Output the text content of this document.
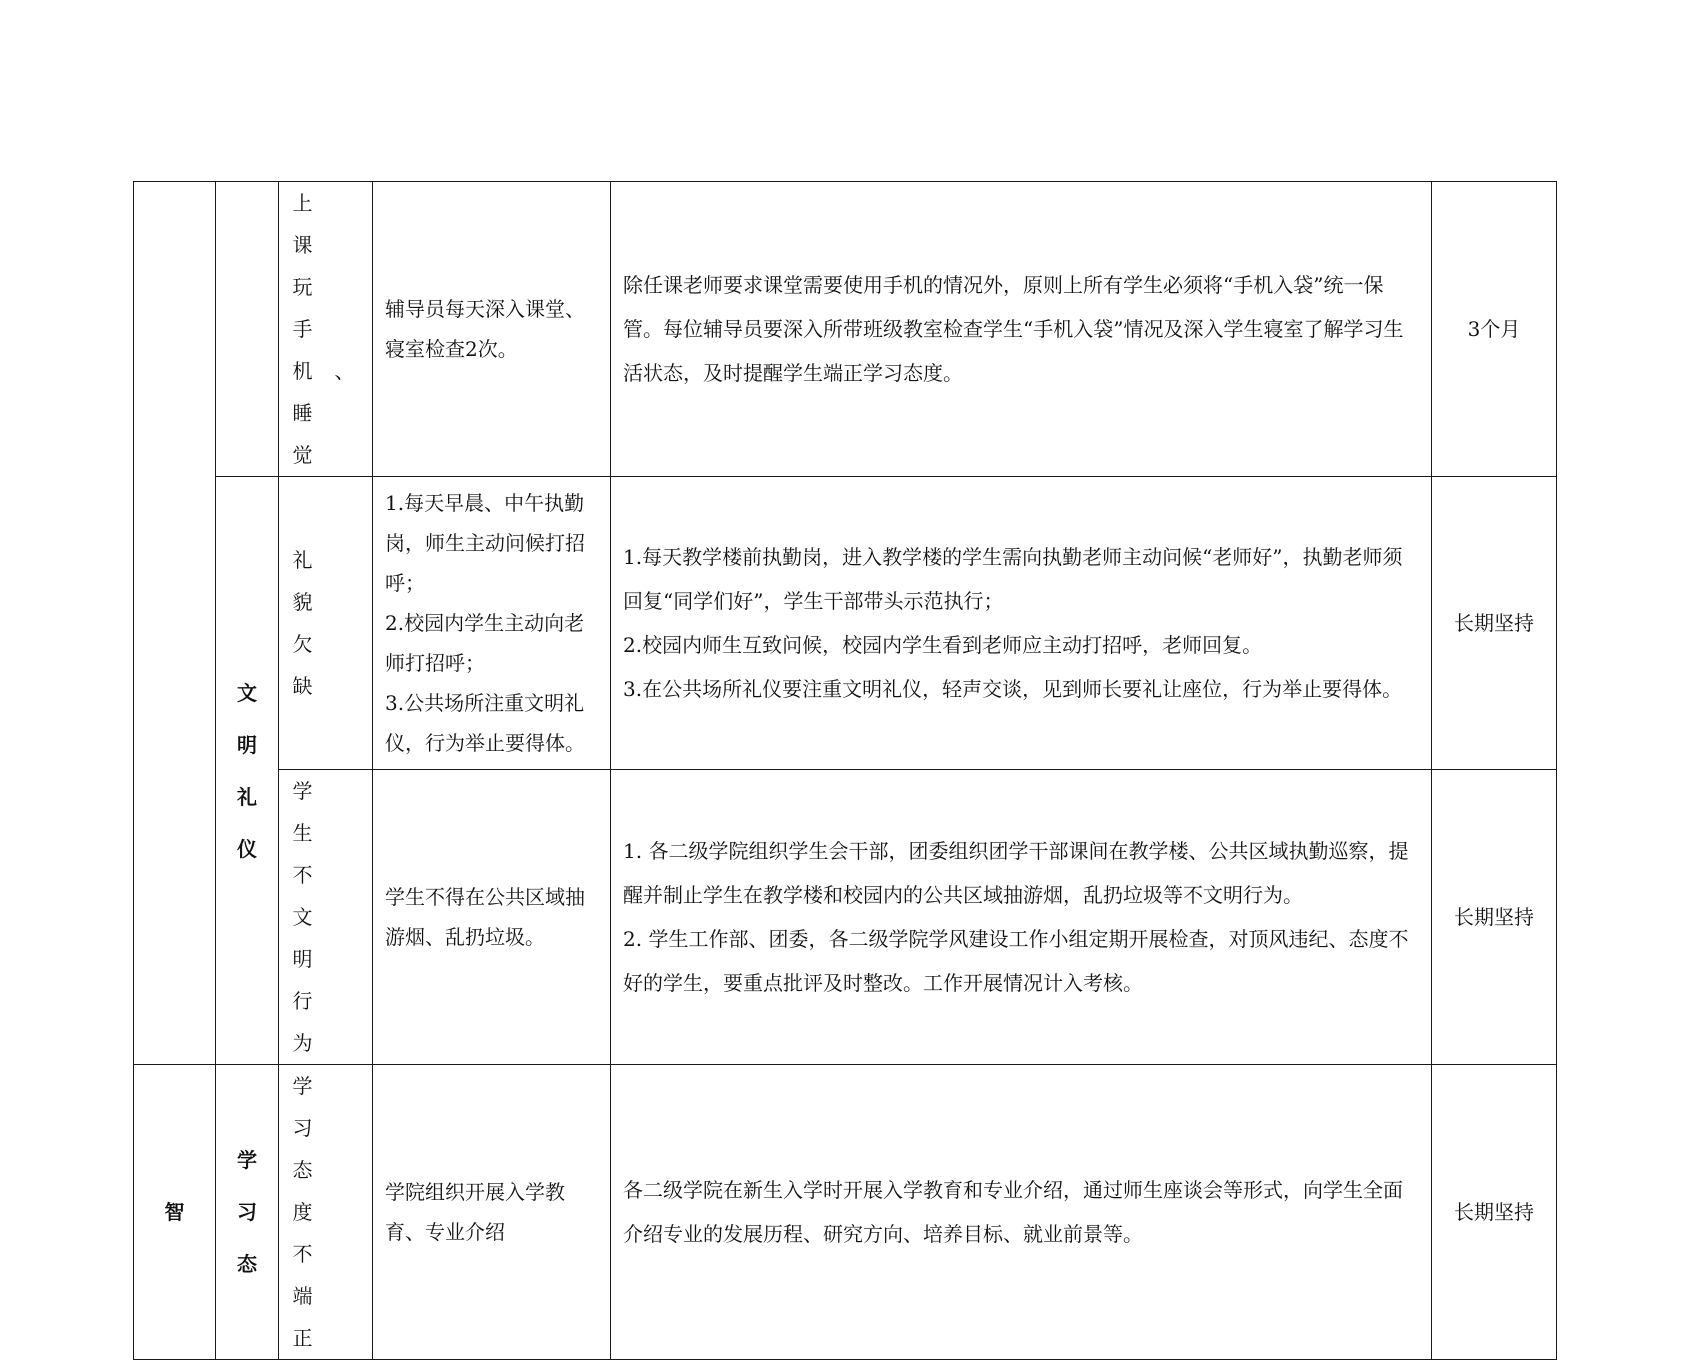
		上课玩手机、睡觉	辅导员每天深入课堂、寝室检查2次。	除任课老师要求课堂需要使用手机的情况外，原则上所有学生必须将“手机入袋”统一保管。每位辅导员要深入所带班级教室检查学生“手机入袋”情况及深入学生寝室了解学习生活状态，及时提醒学生端正学习态度。	3个月
	文明礼仪	礼貌欠缺	1.每天早晨、中午执勤岗，师生主动问候打招呼；
2.校园内学生主动向老师打招呼；
3.公共场所注重文明礼仪，行为举止要得体。	1.每天教学楼前执勤岗，进入教学楼的学生需向执勤老师主动问候“老师好”，执勤老师须回复“同学们好”，学生干部带头示范执行；
2.校园内师生互致问候，校园内学生看到老师应主动打招呼，老师回复。
3.在公共场所礼仪要注重文明礼仪，轻声交谈，见到师长要礼让座位，行为举止要得体。	长期坚持

		学生不文明行为	学生不得在公共区域抽游烟、乱扔垃圾。	1. 各二级学院组织学生会干部，团委组织团学干部课间在教学楼、公共区域执勤巡察，提醒并制止学生在教学楼和校园内的公共区域抽游烟，乱扔垃圾等不文明行为。
2. 学生工作部、团委，各二级学院学风建设工作小组定期开展检查，对顶风违纪、态度不好的学生，要重点批评及时整改。工作开展情况计入考核。	长期坚持
智	学习态	学习态度不端正	学院组织开展入学教育、专业介绍	各二级学院在新生入学时开展入学教育和专业介绍，通过师生座谈会等形式，向学生全面介绍专业的发展历程、研究方向、培养目标、就业前景等。	长期坚持
